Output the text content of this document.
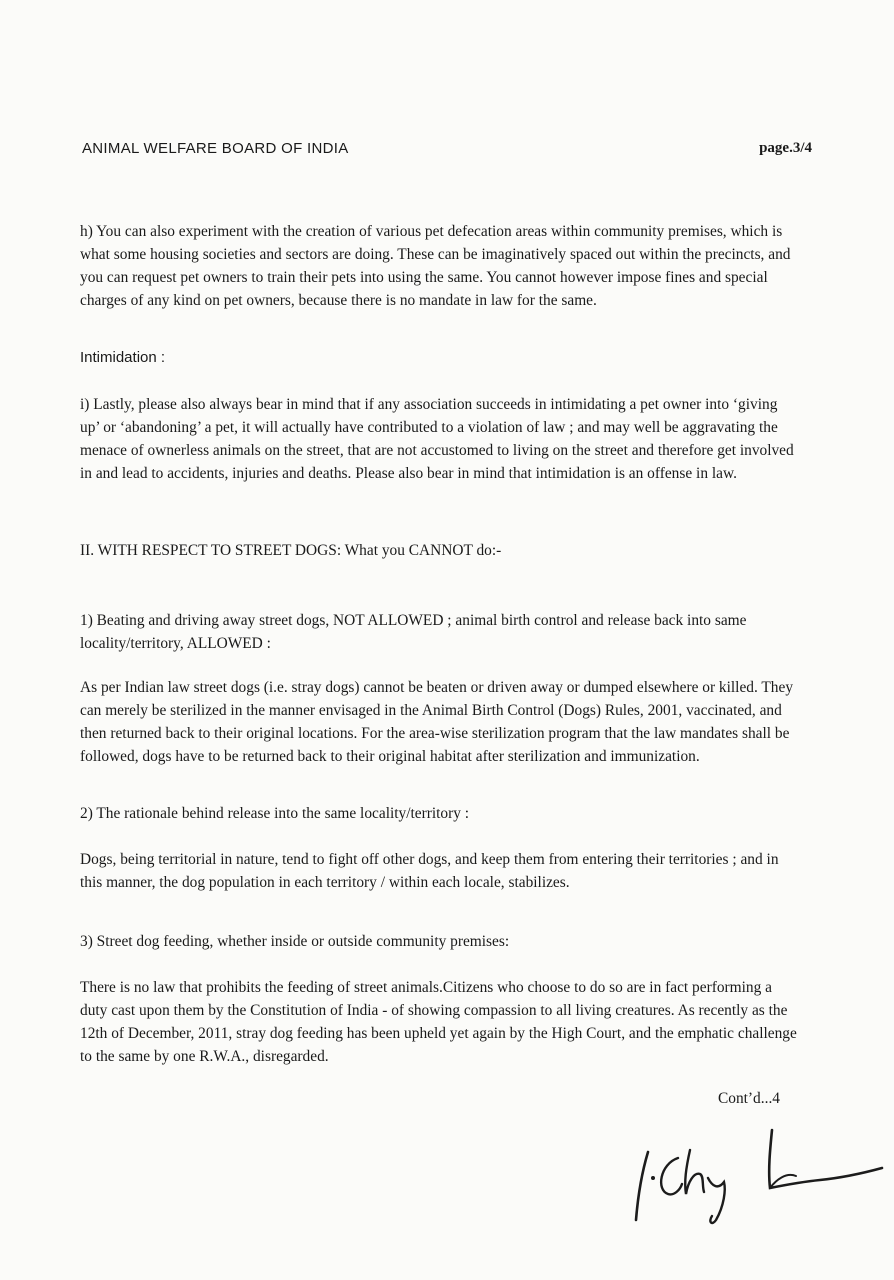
ANIMAL WELFARE BOARD OF INDIA	page.3/4

h) You can also experiment with the creation of various pet defecation areas within community premises, which is what some housing societies and sectors are doing. These can be imaginatively spaced out within the precincts, and you can request pet owners to train their pets into using the same. You cannot however impose fines and special charges of any kind on pet owners, because there is no mandate in law for the same.

Intimidation :

i) Lastly, please also always bear in mind that if any association succeeds in intimidating a pet owner into ‘giving up’ or ‘abandoning’ a pet, it will actually have contributed to a violation of law ; and may well be aggravating the menace of ownerless animals on the street, that are not accustomed to living on the street and therefore get involved in and lead to accidents, injuries and deaths. Please also bear in mind that intimidation is an offense in law.

II. WITH RESPECT TO STREET DOGS: What you CANNOT do:-

1) Beating and driving away street dogs, NOT ALLOWED ; animal birth control and release back into same locality/territory, ALLOWED :

As per Indian law street dogs (i.e. stray dogs) cannot be beaten or driven away or dumped elsewhere or killed. They can merely be sterilized in the manner envisaged in the Animal Birth Control (Dogs) Rules, 2001, vaccinated, and then returned back to their original locations. For the area-wise sterilization program that the law mandates shall be followed, dogs have to be returned back to their original habitat after sterilization and immunization.

2) The rationale behind release into the same locality/territory :

Dogs, being territorial in nature, tend to fight off other dogs, and keep them from entering their territories ; and in this manner, the dog population in each territory / within each locale, stabilizes.

3) Street dog feeding, whether inside or outside community premises:

There is no law that prohibits the feeding of street animals.Citizens who choose to do so are in fact performing a duty cast upon them by the Constitution of India - of showing compassion to all living creatures. As recently as the 12th of December, 2011, stray dog feeding has been upheld yet again by the High Court, and the emphatic challenge to the same by one R.W.A., disregarded.

Cont’d...4
